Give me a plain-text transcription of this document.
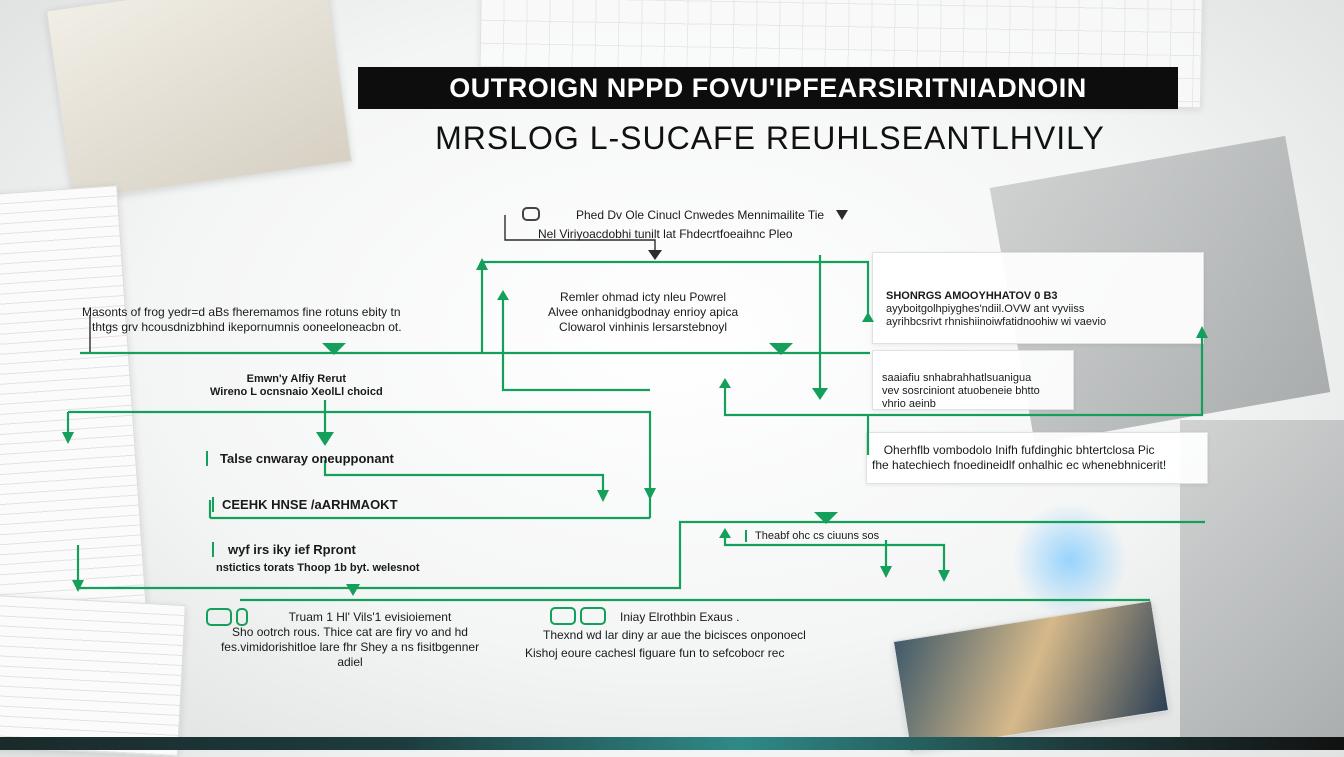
OUTROIGN NPPD FOVU'IPFEARSIRITNIADNOIN
MRSLOG L-SUCAFE REUHLSEANTLHVILY
Phed Dv Ole Cinucl Cnwedes Mennimailite Tie
Nel Viriyoacdobhi tunilt lat Fhdecrtfoeaihnc Pleo
Masonts of frog yedr=d aBs fheremamos fine rotuns ebity tn
thtgs grv hcousdnizbhind ikepornumnis ooneeloneacbn ot.
Remler ohmad icty nleu Powrel
Alvee onhanidgbodnay enrioy apica
Clowarol vinhinis lersarstebnoyl
SHONRGS AMOOYHHATOV 0 B3
ayyboitgolhpiyghes'ndiil.OVW ant vyviiss
ayrihbcsrivt rhnishiinoiwfatidnoohiw wi vaevio
saaiafiu snhabrahhatlsuanigua
vev sosrciniont atuobeneie bhtto
vhrio aeinb
Oherhflb vombodolo Inifh fufdinghic bhtertclosa Pic
fhe hatechiech fnoedineidlf onhalhic ec whenebhnicerit!
Emwn'y Alfiy Rerut
Wireno L ocnsnaio XeolLl choicd
Talse cnwaray oneupponant
CEEHK HNSE /aARHMAOKT
wyf irs iky ief Rpront
nstictics torats Thoop 1b byt. welesnot
Theabf ohc cs ciuuns sos
Truam 1 Hl' Vils'1 evisioiement
Sho ootrch rous. Thice cat are firy vo and hd
fes.vimidorishitloe lare fhr Shey a ns fisitbgenner
adiel
Iniay Elrothbin Exaus .
Thexnd wd lar diny ar aue the bicisces onponoecl
Kishoj eoure cachesl figuare fun to sefcobocr rec
